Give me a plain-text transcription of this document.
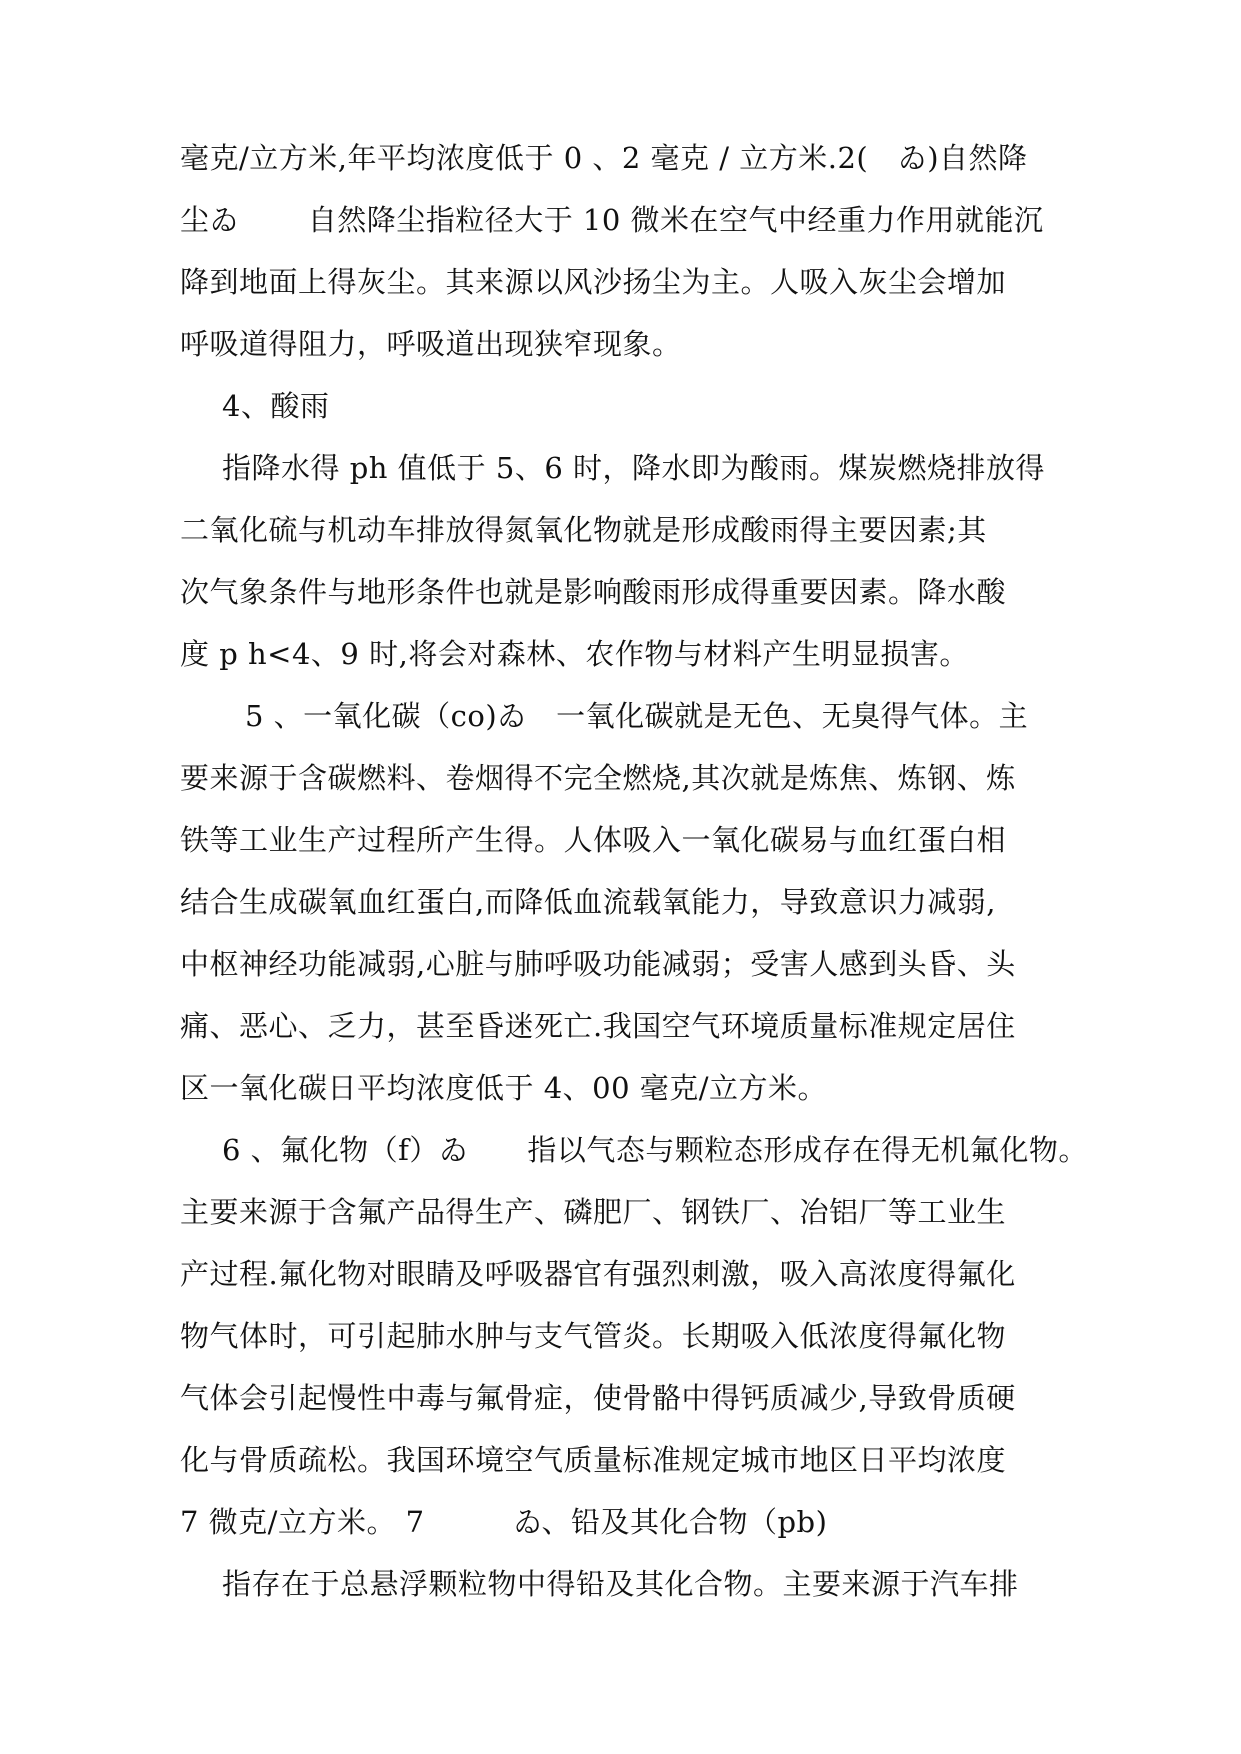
毫克/立方米,年平均浓度低于 0 、2 毫克 / 立方米.2(　ゐ)自然降
尘ゐ　　 自然降尘指粒径大于 10 微米在空气中经重力作用就能沉
降到地面上得灰尘。其来源以风沙扬尘为主。人吸入灰尘会增加
呼吸道得阻力，呼吸道出现狭窄现象。
4、酸雨
指降水得 ph 值低于 5、6 时，降水即为酸雨。煤炭燃烧排放得
二氧化硫与机动车排放得氮氧化物就是形成酸雨得主要因素;其
次气象条件与地形条件也就是影响酸雨形成得重要因素。降水酸
度 p h<4、9 时,将会对森林、农作物与材料产生明显损害。
5 、一氧化碳（co)ゐ　一氧化碳就是无色、无臭得气体。主
要来源于含碳燃料、卷烟得不完全燃烧,其次就是炼焦、炼钢、炼
铁等工业生产过程所产生得。人体吸入一氧化碳易与血红蛋白相
结合生成碳氧血红蛋白,而降低血流载氧能力，导致意识力减弱,
中枢神经功能减弱,心脏与肺呼吸功能减弱；受害人感到头昏、头
痛、恶心、乏力，甚至昏迷死亡.我国空气环境质量标准规定居住
区一氧化碳日平均浓度低于 4、00 毫克/立方米。
6 、氟化物（f）ゐ　　指以气态与颗粒态形成存在得无机氟化物。
主要来源于含氟产品得生产、磷肥厂、钢铁厂、冶铝厂等工业生
产过程.氟化物对眼睛及呼吸器官有强烈刺激，吸入高浓度得氟化
物气体时，可引起肺水肿与支气管炎。长期吸入低浓度得氟化物
气体会引起慢性中毒与氟骨症，使骨骼中得钙质减少,导致骨质硬
化与骨质疏松。我国环境空气质量标准规定城市地区日平均浓度
7 微克/立方米。 7　　　ゐ、铅及其化合物（pb)
指存在于总悬浮颗粒物中得铅及其化合物。主要来源于汽车排
